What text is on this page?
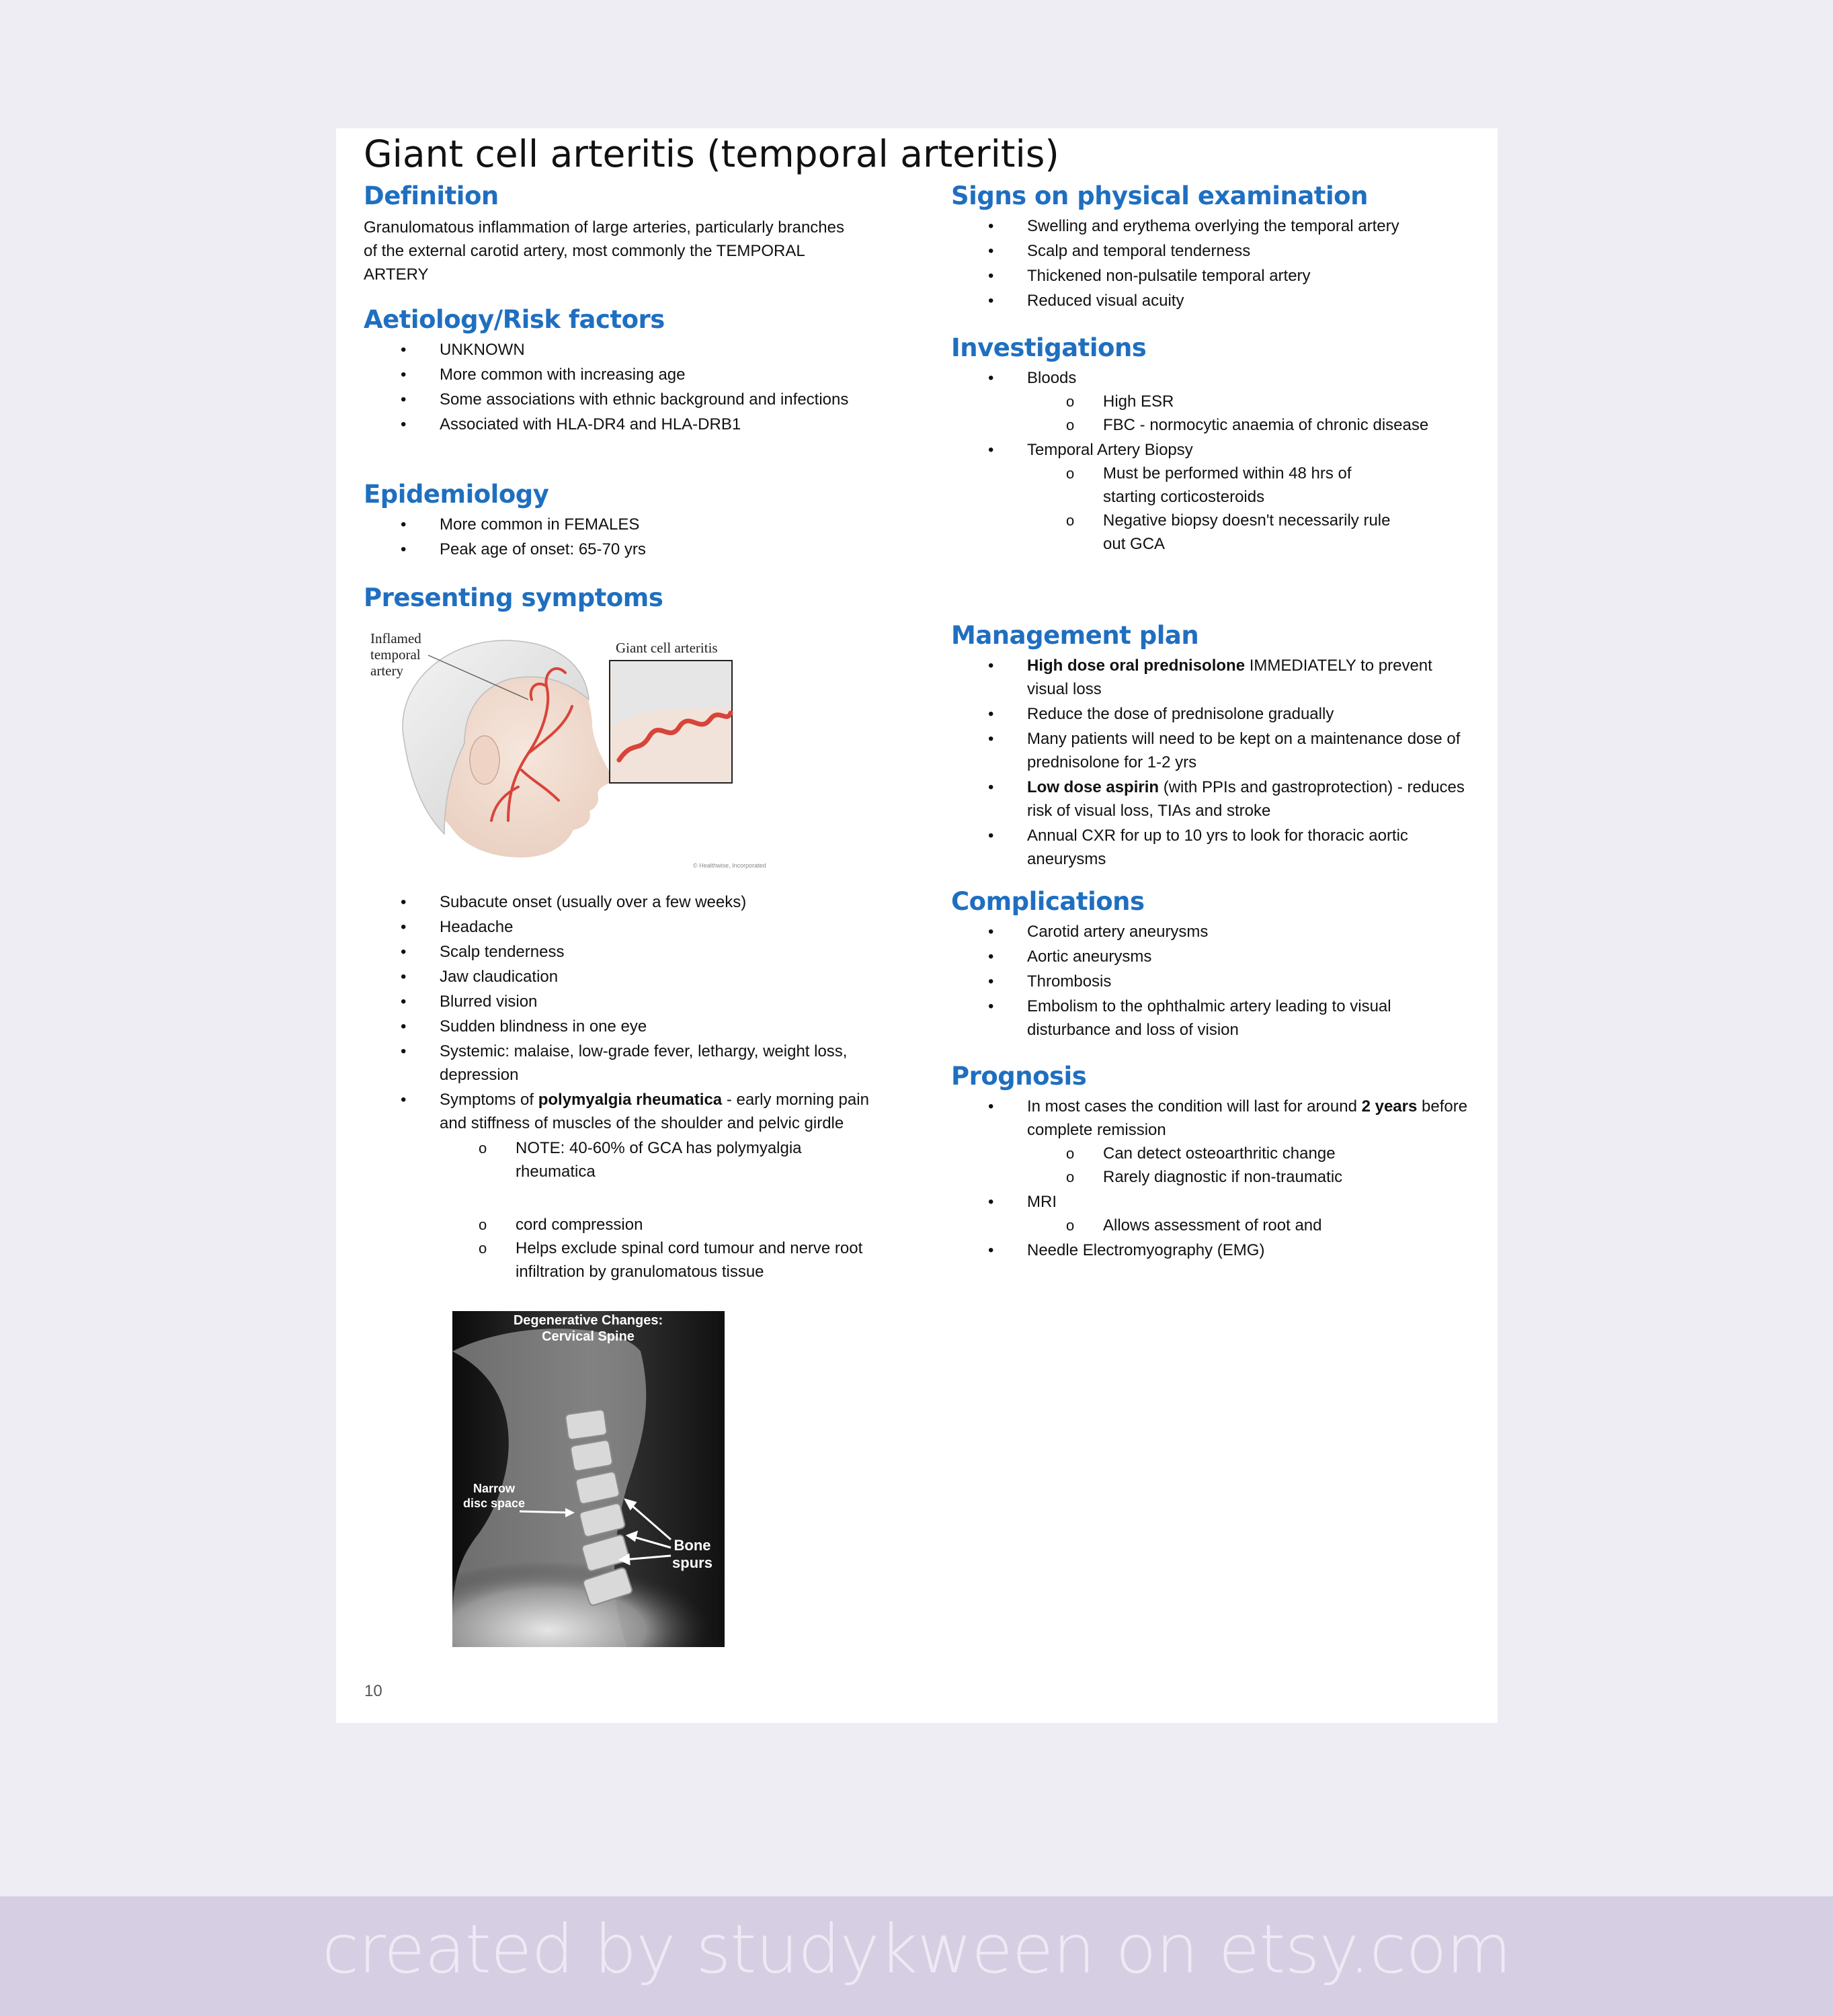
Giant cell arteritis (temporal arteritis)
Definition

Granulomatous inflammation of large arteries, particularly branches of the external carotid artery, most commonly the TEMPORAL ARTERY

Aetiology/Risk factors
• UNKNOWN
• More common with increasing age
• Some associations with ethnic background and infections
• Associated with HLA-DR4 and HLA-DRB1
Epidemiology
• More common in FEMALES
• Peak age of onset: 65-70 yrs
Presenting symptoms
Inflamed
temporal
artery
Giant cell arteritis
© Healthwise, Incorporated
• Subacute onset (usually over a few weeks)
• Headache
• Scalp tenderness
• Jaw claudication
• Blurred vision
• Sudden blindness in one eye
• Systemic: malaise, low-grade fever, lethargy, weight loss, depression
• Symptoms of polymyalgia rheumatica - early morning pain and stiffness of muscles of the shoulder and pelvic girdle
o NOTE: 40-60% of GCA has polymyalgia rheumatica
o cord compression
o Helps exclude spinal cord tumour and nerve root infiltration by granulomatous tissue
Degenerative Changes:
Cervical Spine
Narrow
disc space
Bone
spurs
Signs on physical examination
• Swelling and erythema overlying the temporal artery
• Scalp and temporal tenderness
• Thickened non-pulsatile temporal artery
• Reduced visual acuity
Investigations
• Bloods
o High ESR
o FBC - normocytic anaemia of chronic disease
• Temporal Artery Biopsy
o Must be performed within 48 hrs of starting corticosteroids
o Negative biopsy doesn't necessarily rule out GCA
Management plan
• High dose oral prednisolone IMMEDIATELY to prevent visual loss
• Reduce the dose of prednisolone gradually
• Many patients will need to be kept on a maintenance dose of prednisolone for 1-2 yrs
• Low dose aspirin (with PPIs and gastroprotection) - reduces risk of visual loss, TIAs and stroke
• Annual CXR for up to 10 yrs to look for thoracic aortic aneurysms
Complications
• Carotid artery aneurysms
• Aortic aneurysms
• Thrombosis
• Embolism to the ophthalmic artery leading to visual disturbance and loss of vision
Prognosis
• In most cases the condition will last for around 2 years before complete remission
o Can detect osteoarthritic change
o Rarely diagnostic if non-traumatic
• MRI
o Allows assessment of root and
• Needle Electromyography (EMG)
10
created by studykween on etsy.com
